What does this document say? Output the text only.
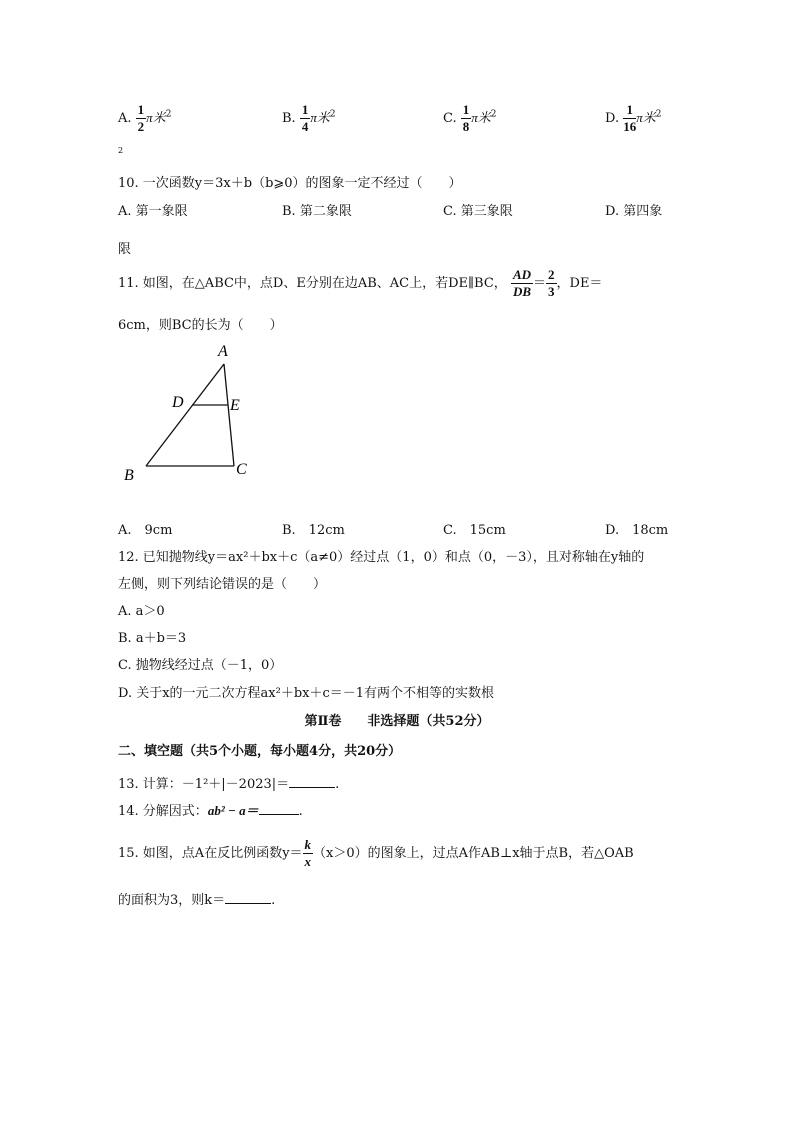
A. $\frac{1}{2}$ π米$^2$	B. $\frac{1}{4}$ π米$^2$	C. $\frac{1}{8}$ π米$^2$	D. $\frac{1}{16}$ π米$^2$
2
10. 一次函数y＝3x＋b（b⩾0）的图象一定不经过（　　）
A. 第一象限	B. 第二象限	C. 第三象限	D. 第四象
限
11. 如图，在△ABC中，点D、E分别在边AB、AC上，若DE∥BC， $\frac{AD}{DB} = \frac{2}{3}$ ，DE＝
6cm，则BC的长为（　　）
A
D	E
B	C
A.　9cm	B.　12cm	C.　15cm	D.　18cm
12. 已知抛物线y＝ax²＋bx＋c（a≠0）经过点（1，0）和点（0，－3），且对称轴在y轴的
左侧，则下列结论错误的是（　　）
A. a＞0
B. a＋b＝3
C. 抛物线经过点（－1，0）
D. 关于x的一元二次方程ax²＋bx＋c＝－1有两个不相等的实数根
第Ⅱ卷　　非选择题（共52分）
二、填空题（共5个小题，每小题4分，共20分）
13. 计算：－1²＋|－2023|＝	.
14. 分解因式：ab² − a＝	.
15. 如图，点A在反比例函数$y= \frac{k}{x} (x>0)$的图象上，过点A作AB⊥x轴于点B，若△OAB
的面积为3，则k＝	.
